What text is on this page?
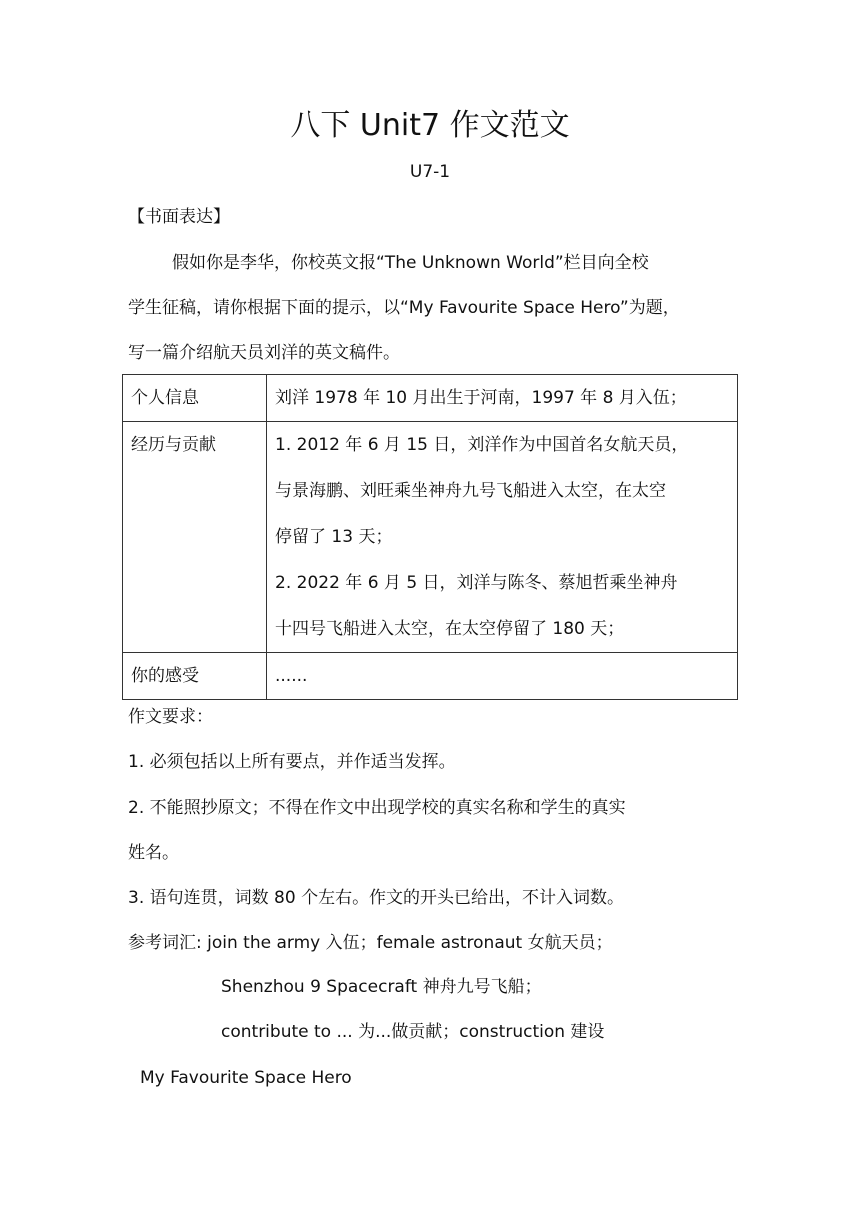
八下 Unit7 作文范文
U7-1
【书面表达】
假如你是李华，你校英文报“The Unknown World”栏目向全校
学生征稿，请你根据下面的提示，以“My Favourite Space Hero”为题，
写一篇介绍航天员刘洋的英文稿件。
个人信息	刘洋 1978 年 10 月出生于河南，1997 年 8 月入伍；

经历与贡献	1. 2012 年 6 月 15 日，刘洋作为中国首名女航天员，
与景海鹏、刘旺乘坐神舟九号飞船进入太空，在太空
停留了 13 天；
2. 2022 年 6 月 5 日，刘洋与陈冬、蔡旭哲乘坐神舟
十四号飞船进入太空，在太空停留了 180 天；

你的感受	......
作文要求：
1. 必须包括以上所有要点，并作适当发挥。
2. 不能照抄原文；不得在作文中出现学校的真实名称和学生的真实
姓名。
3. 语句连贯，词数 80 个左右。作文的开头已给出，不计入词数。
参考词汇: join the army 入伍；female astronaut 女航天员；
Shenzhou 9 Spacecraft 神舟九号飞船；
contribute to ... 为...做贡献；construction 建设
My Favourite Space Hero
